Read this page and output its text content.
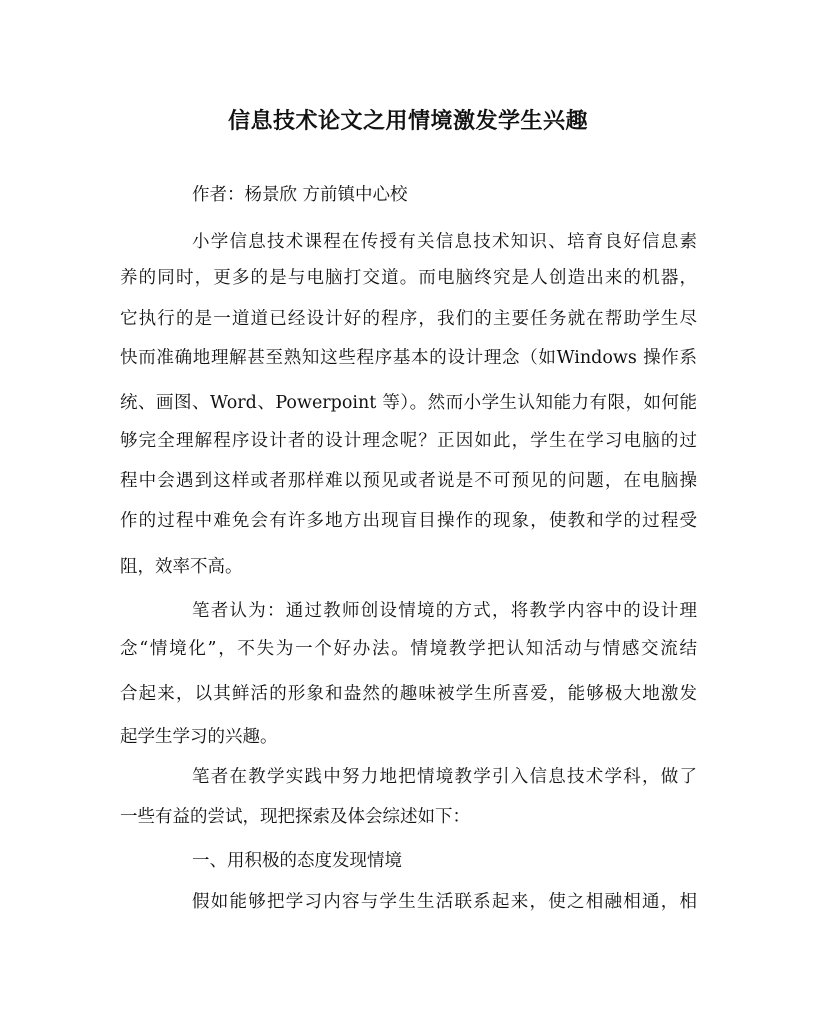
信息技术论文之用情境激发学生兴趣
作者：杨景欣 方前镇中心校
小学信息技术课程在传授有关信息技术知识、培育良好信息素
养的同时，更多的是与电脑打交道。而电脑终究是人创造出来的机器，
它执行的是一道道已经设计好的程序，我们的主要任务就在帮助学生尽
快而准确地理解甚至熟知这些程序基本的设计理念（如Windows 操作系
统、画图、Word、Powerpoint 等）。然而小学生认知能力有限，如何能
够完全理解程序设计者的设计理念呢？正因如此，学生在学习电脑的过
程中会遇到这样或者那样难以预见或者说是不可预见的问题，在电脑操
作的过程中难免会有许多地方出现盲目操作的现象，使教和学的过程受
阻，效率不高。
笔者认为：通过教师创设情境的方式，将教学内容中的设计理
念“情境化”，不失为一个好办法。情境教学把认知活动与情感交流结
合起来，以其鲜活的形象和盎然的趣味被学生所喜爱，能够极大地激发
起学生学习的兴趣。
笔者在教学实践中努力地把情境教学引入信息技术学科，做了
一些有益的尝试，现把探索及体会综述如下：
一、用积极的态度发现情境
假如能够把学习内容与学生生活联系起来，使之相融相通，相
